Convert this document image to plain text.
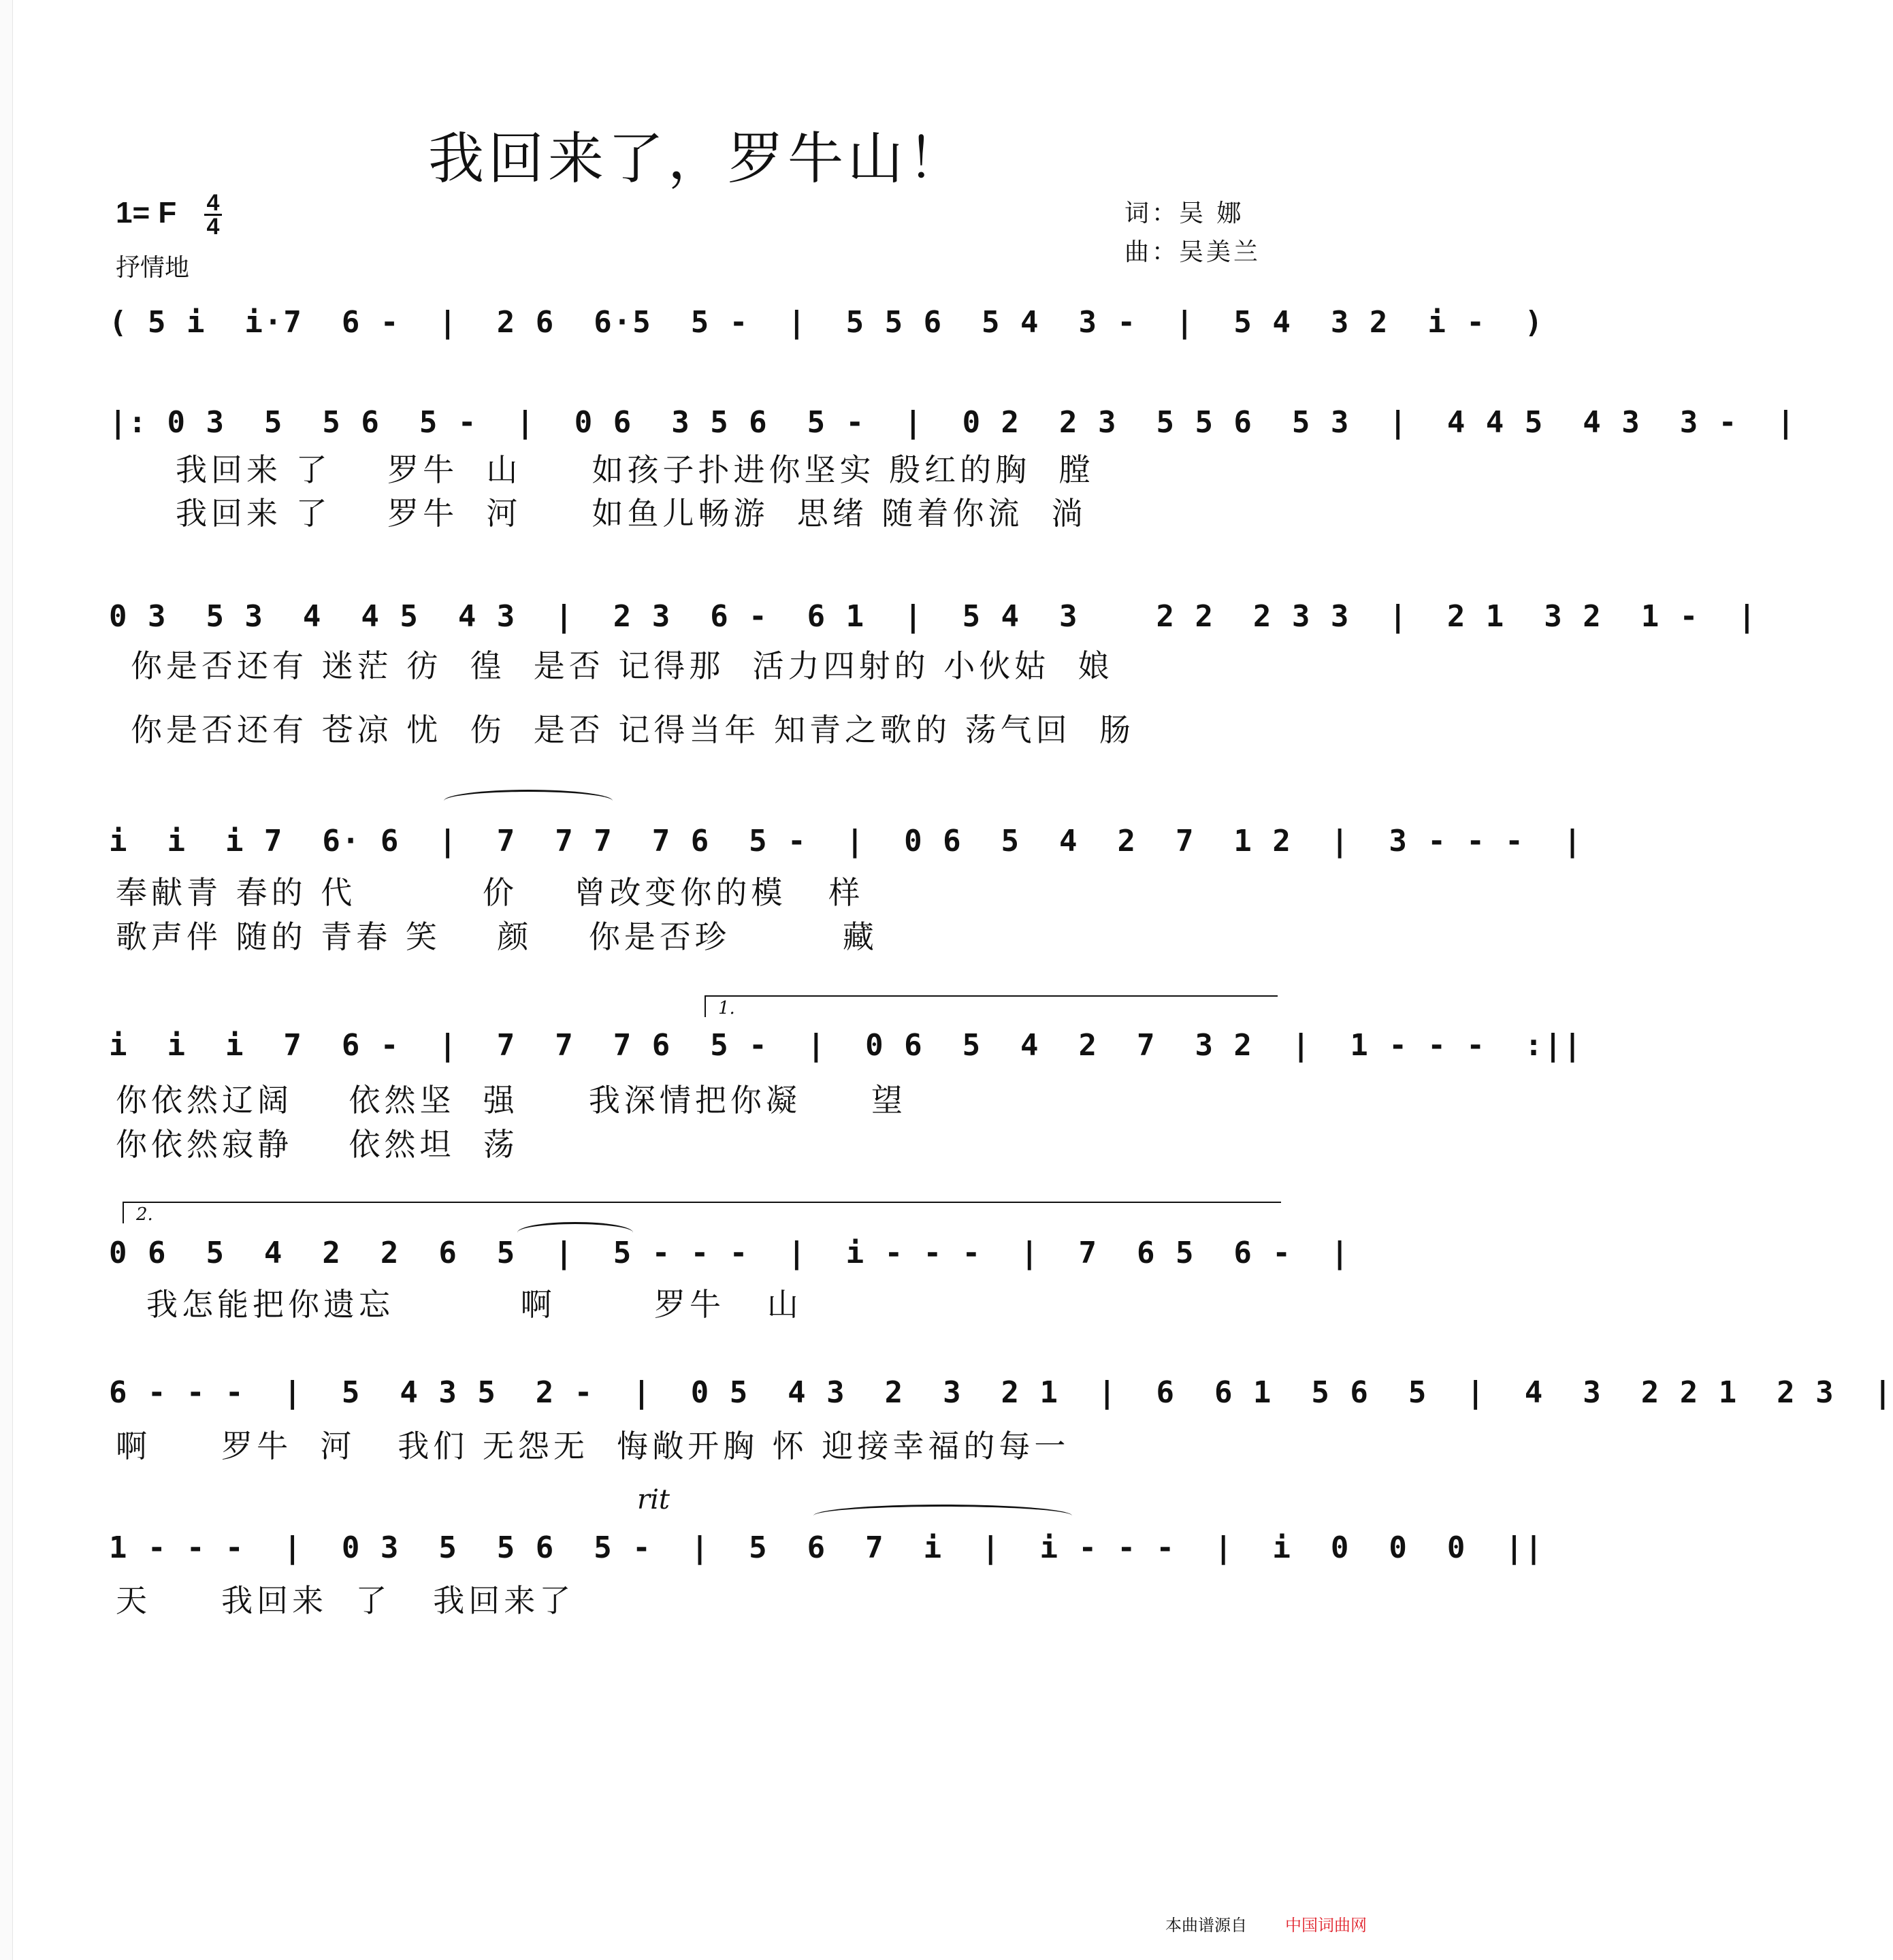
我回来了，罗牛山！
1= F 4
4
抒情地
词：吴 娜
曲：吴美兰
( 5 i  i·7  6 -  |  2 6  6·5  5 -  |  5 5 6  5 4  3 -  |  5 4  3 2  i -  )
|: 0 3  5  5 6  5 -  |  0 6  3 5 6  5 -  |  0 2  2 3  5 5 6  5 3  |  4 4 5  4 3  3 -  |
我回来 了    罗牛  山     如孩子扑进你坚实 殷红的胸  膛
我回来 了    罗牛  河     如鱼儿畅游  思绪 随着你流  淌
0 3  5 3  4  4 5  4 3  |  2 3  6 -  6 1  |  5 4  3    2 2  2 3 3  |  2 1  3 2  1 -  |
你是否还有 迷茫 彷  徨  是否 记得那  活力四射的 小伙姑  娘
你是否还有 苍凉 忧  伤  是否 记得当年 知青之歌的 荡气回  肠
i  i  i 7  6· 6  |  7  7 7  7 6  5 -  |  0 6  5  4  2  7  1 2  |  3 - - -  |
奉献青 春的 代         价    曾改变你的模   样
歌声伴 随的 青春 笑    颜    你是否珍        藏
1.
i  i  i  7  6 -  |  7  7  7 6  5 -  |  0 6  5  4  2  7  3 2  |  1 - - -  :||
你依然辽阔    依然坚  强     我深情把你凝     望
你依然寂静    依然坦  荡
2.
0 6  5  4  2  2  6  5  |  5 - - -  |  i - - -  |  7  6 5  6 -  |
我怎能把你遗忘         啊       罗牛   山
6 - - -  |  5  4 3 5  2 -  |  0 5  4 3  2  3  2 1  |  6  6 1  5 6  5  |  4  3  2 2 1  2 3  |
啊     罗牛  河   我们 无怨无  悔敞开胸 怀 迎接幸福的每一
rit
1 - - -  |  0 3  5  5 6  5 -  |  5  6  7  i  |  i - - -  |  i  0  0  0  ||
天     我回来  了   我回来了
本曲谱源自 中国词曲网
